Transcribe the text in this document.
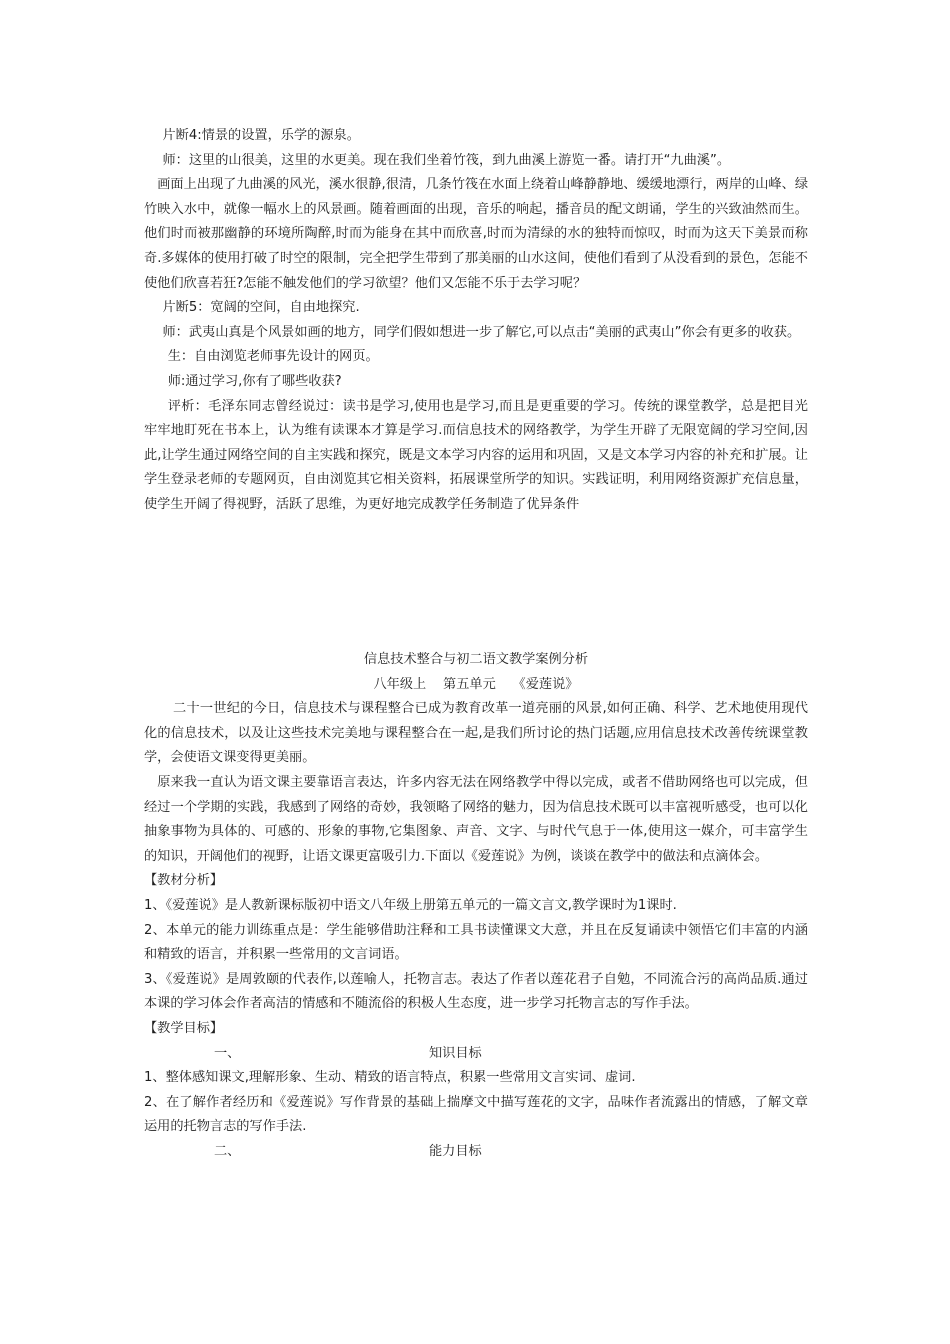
片断4:情景的设置，乐学的源泉。

师：这里的山很美，这里的水更美。现在我们坐着竹筏，到九曲溪上游览一番。请打开“九曲溪”。

画面上出现了九曲溪的风光，溪水很静,很清，几条竹筏在水面上绕着山峰静静地、缓缓地漂行，两岸的山峰、绿竹映入水中，就像一幅水上的风景画。随着画面的出现，音乐的响起，播音员的配文朗诵，学生的兴致油然而生。他们时而被那幽静的环境所陶醉,时而为能身在其中而欣喜,时而为清绿的水的独特而惊叹，时而为这天下美景而称奇.多媒体的使用打破了时空的限制，完全把学生带到了那美丽的山水这间，使他们看到了从没看到的景色，怎能不使他们欣喜若狂?怎能不触发他们的学习欲望？他们又怎能不乐于去学习呢？

片断5：宽阔的空间，自由地探究.

师：武夷山真是个风景如画的地方，同学们假如想进一步了解它,可以点击“美丽的武夷山”你会有更多的收获。

生：自由浏览老师事先设计的网页。

师:通过学习,你有了哪些收获?

评析：毛泽东同志曾经说过：读书是学习,使用也是学习,而且是更重要的学习。传统的课堂教学，总是把目光牢牢地盯死在书本上，认为维有读课本才算是学习.而信息技术的网络教学，为学生开辟了无限宽阔的学习空间,因此,让学生通过网络空间的自主实践和探究，既是文本学习内容的运用和巩固，又是文本学习内容的补充和扩展。让学生登录老师的专题网页，自由浏览其它相关资料，拓展课堂所学的知识。实践证明，利用网络资源扩充信息量，使学生开阔了得视野，活跃了思维，为更好地完成教学任务制造了优异条件

信息技术整合与初二语文教学案例分析

八年级上    第五单元    《爱莲说》

二十一世纪的今日，信息技术与课程整合已成为教育改革一道亮丽的风景,如何正确、科学、艺术地使用现代化的信息技术，以及让这些技术完美地与课程整合在一起,是我们所讨论的热门话题,应用信息技术改善传统课堂教学，会使语文课变得更美丽。

原来我一直认为语文课主要靠语言表达，许多内容无法在网络教学中得以完成，或者不借助网络也可以完成，但经过一个学期的实践，我感到了网络的奇妙，我领略了网络的魅力，因为信息技术既可以丰富视听感受，也可以化抽象事物为具体的、可感的、形象的事物,它集图象、声音、文字、与时代气息于一体,使用这一媒介，可丰富学生的知识，开阔他们的视野，让语文课更富吸引力.下面以《爱莲说》为例，谈谈在教学中的做法和点滴体会。

【教材分析】

1、《爱莲说》是人教新课标版初中语文八年级上册第五单元的一篇文言文,教学课时为1课时.

2、本单元的能力训练重点是：学生能够借助注释和工具书读懂课文大意，并且在反复诵读中领悟它们丰富的内涵和精致的语言，并积累一些常用的文言词语。

3、《爱莲说》是周敦颐的代表作,以莲喻人，托物言志。表达了作者以莲花君子自勉，不同流合污的高尚品质.通过本课的学习体会作者高洁的情感和不随流俗的积极人生态度，进一步学习托物言志的写作手法。

【教学目标】

一、	知识目标

1、整体感知课文,理解形象、生动、精致的语言特点，积累一些常用文言实词、虚词.

2、在了解作者经历和《爱莲说》写作背景的基础上揣摩文中描写莲花的文字，品味作者流露出的情感，了解文章运用的托物言志的写作手法.

二、	能力目标
